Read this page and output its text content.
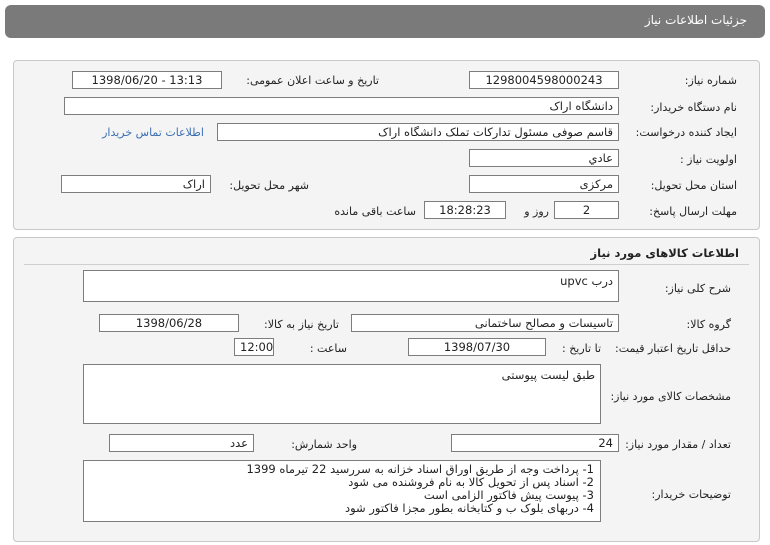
جزئیات اطلاعات نیاز
شماره نیاز:
1298004598000243
تاریخ و ساعت اعلان عمومی:
1398/06/20 - 13:13
نام دستگاه خریدار:
دانشگاه اراک
ایجاد کننده درخواست:
قاسم صوفی مسئول تدارکات تملک دانشگاه اراک
اطلاعات تماس خریدار
اولویت نیاز :
عادي
استان محل تحویل:
مرکزی
شهر محل تحویل:
اراک
مهلت ارسال پاسخ:
2
روز و
18:28:23
ساعت باقی مانده
اطلاعات کالاهای مورد نیاز
شرح کلی نیاز:
درب upvc
گروه کالا:
تاسیسات و مصالح ساختمانی
تاریخ نیاز به کالا:
1398/06/28
حداقل تاریخ اعتبار قیمت:
تا تاریخ :
1398/07/30
ساعت :
12:00
مشخصات کالای مورد نیاز:
طبق لیست پیوستی
تعداد / مقدار مورد نیاز:
24
واحد شمارش:
عدد
توضیحات خریدار:
1- پرداخت وجه از طریق اوراق اسناد خزانه به سررسید 22 تیرماه 1399
2- اسناد پس از تحویل کالا به نام فروشنده می شود
3- پیوست پیش فاکتور الزامی است
4- دربهای بلوک ب و کتابخانه بطور مجزا فاکتور شود
